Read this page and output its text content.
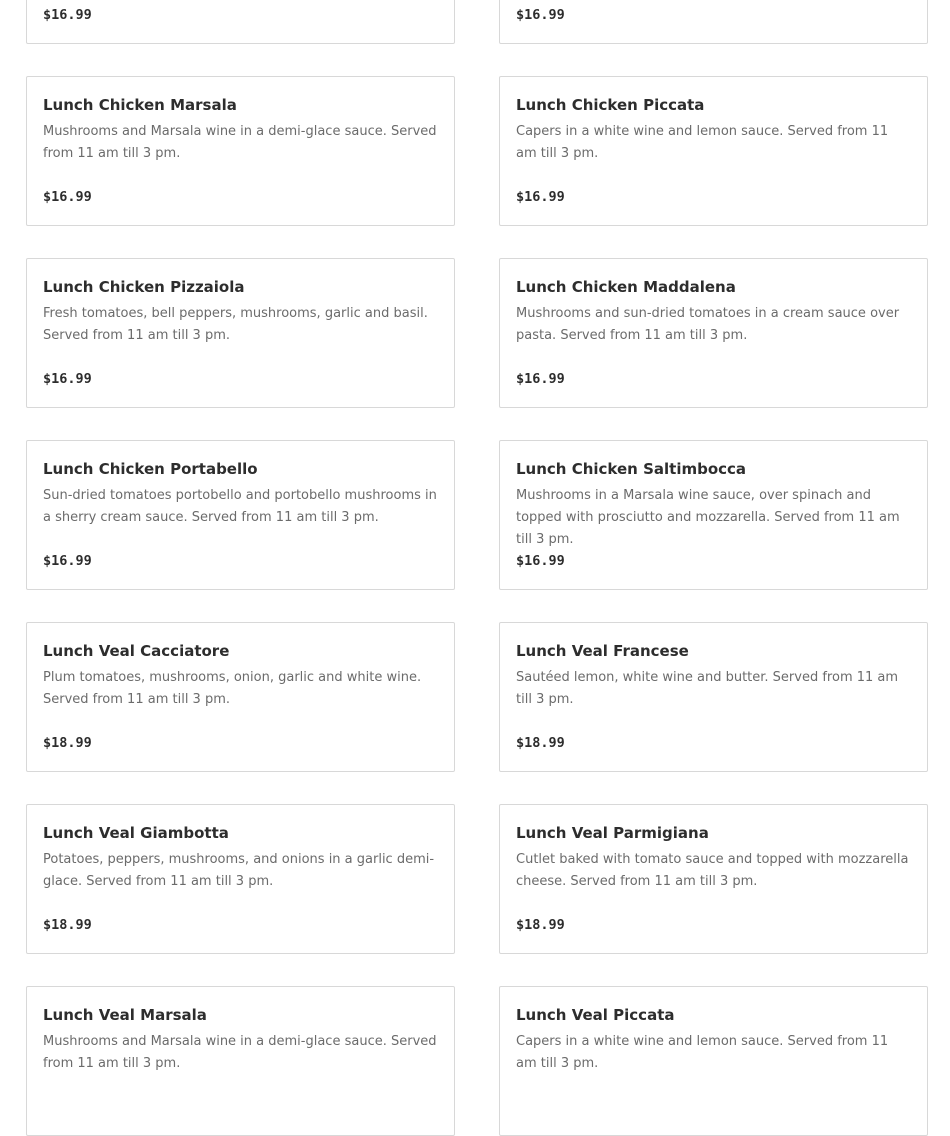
$16.99	$16.99
Lunch Chicken Marsala
Mushrooms and Marsala wine in a demi-glace sauce. Served from 11 am till 3 pm.
$16.99
Lunch Chicken Piccata
Capers in a white wine and lemon sauce. Served from 11 am till 3 pm.
$16.99
Lunch Chicken Pizzaiola
Fresh tomatoes, bell peppers, mushrooms, garlic and basil. Served from 11 am till 3 pm.
$16.99
Lunch Chicken Maddalena
Mushrooms and sun-dried tomatoes in a cream sauce over pasta. Served from 11 am till 3 pm.
$16.99
Lunch Chicken Portabello
Sun-dried tomatoes portobello and portobello mushrooms in a sherry cream sauce. Served from 11 am till 3 pm.
$16.99
Lunch Chicken Saltimbocca
Mushrooms in a Marsala wine sauce, over spinach and topped with prosciutto and mozzarella. Served from 11 am till 3 pm.
$16.99
Lunch Veal Cacciatore
Plum tomatoes, mushrooms, onion, garlic and white wine. Served from 11 am till 3 pm.
$18.99
Lunch Veal Francese
Sautéed lemon, white wine and butter. Served from 11 am till 3 pm.
$18.99
Lunch Veal Giambotta
Potatoes, peppers, mushrooms, and onions in a garlic demi-glace. Served from 11 am till 3 pm.
$18.99
Lunch Veal Parmigiana
Cutlet baked with tomato sauce and topped with mozzarella cheese. Served from 11 am till 3 pm.
$18.99
Lunch Veal Marsala
Mushrooms and Marsala wine in a demi-glace sauce. Served from 11 am till 3 pm.
Lunch Veal Piccata
Capers in a white wine and lemon sauce. Served from 11 am till 3 pm.
